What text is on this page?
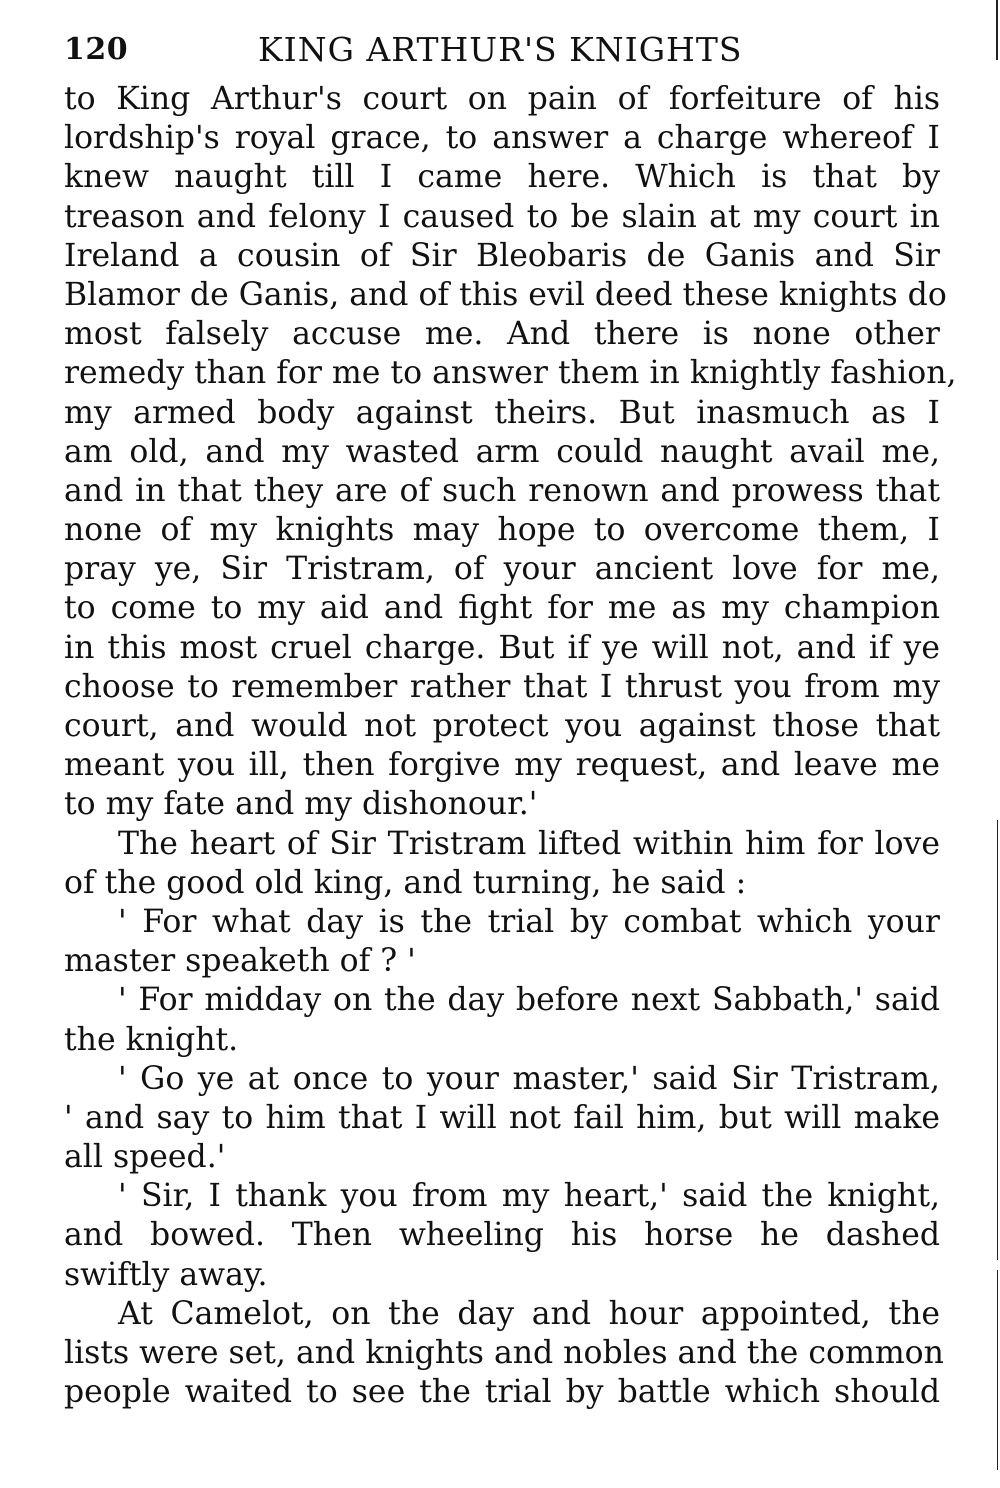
120	KING ARTHUR'S KNIGHTS
to King Arthur's court on pain of forfeiture of his
lordship's royal grace, to answer a charge whereof I
knew naught till I came here. Which is that by
treason and felony I caused to be slain at my court in
Ireland a cousin of Sir Bleobaris de Ganis and Sir
Blamor de Ganis, and of this evil deed these knights do
most falsely accuse me. And there is none other
remedy than for me to answer them in knightly fashion,
my armed body against theirs. But inasmuch as I
am old, and my wasted arm could naught avail me,
and in that they are of such renown and prowess that
none of my knights may hope to overcome them, I
pray ye, Sir Tristram, of your ancient love for me,
to come to my aid and fight for me as my champion
in this most cruel charge. But if ye will not, and if ye
choose to remember rather that I thrust you from my
court, and would not protect you against those that
meant you ill, then forgive my request, and leave me
to my fate and my dishonour.'
The heart of Sir Tristram lifted within him for love
of the good old king, and turning, he said :
' For what day is the trial by combat which your
master speaketh of ? '
' For midday on the day before next Sabbath,' said
the knight.
' Go ye at once to your master,' said Sir Tristram,
' and say to him that I will not fail him, but will make
all speed.'
' Sir, I thank you from my heart,' said the knight,
and bowed. Then wheeling his horse he dashed
swiftly away.
At Camelot, on the day and hour appointed, the
lists were set, and knights and nobles and the common
people waited to see the trial by battle which should
